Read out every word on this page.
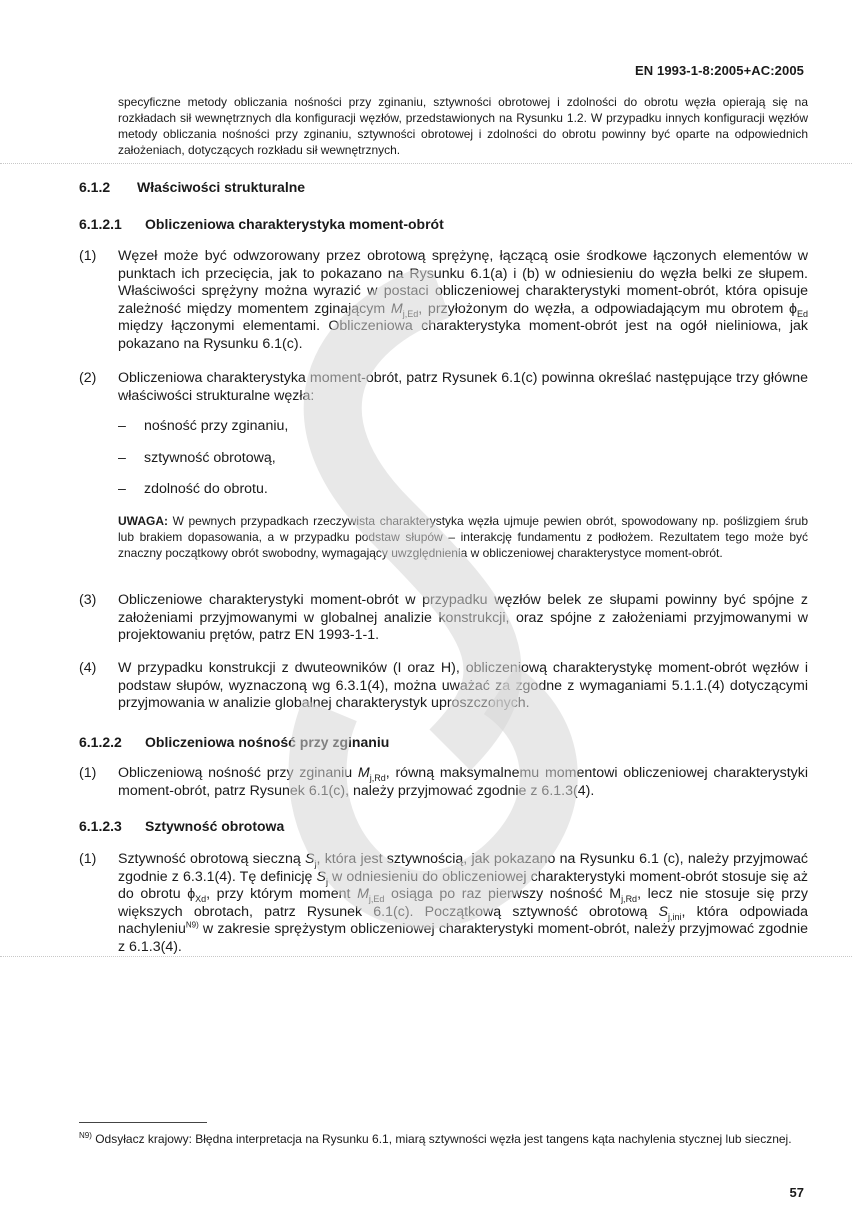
EN 1993-1-8:2005+AC:2005
specyficzne metody obliczania nośności przy zginaniu, sztywności obrotowej i zdolności do obrotu węzła opierają się na rozkładach sił wewnętrznych dla konfiguracji węzłów, przedstawionych na Rysunku 1.2. W przypadku innych konfiguracji węzłów metody obliczania nośności przy zginaniu, sztywności obrotowej i zdolności do obrotu powinny być oparte na odpowiednich założeniach, dotyczących rozkładu sił wewnętrznych.
6.1.2 Właściwości strukturalne
6.1.2.1 Obliczeniowa charakterystyka moment-obrót
(1) Węzeł może być odwzorowany przez obrotową sprężynę, łączącą osie środkowe łączonych elementów w punktach ich przecięcia, jak to pokazano na Rysunku 6.1(a) i (b) w odniesieniu do węzła belki ze słupem. Właściwości sprężyny można wyrazić w postaci obliczeniowej charakterystyki moment-obrót, która opisuje zależność między momentem zginającym $M_{j,Ed}$, przyłożonym do węzła, a odpowiadającym mu obrotem $\phi_{Ed}$ między łączonymi elementami. Obliczeniowa charakterystyka moment-obrót jest na ogół nieliniowa, jak pokazano na Rysunku 6.1(c).
(2) Obliczeniowa charakterystyka moment-obrót, patrz Rysunek 6.1(c) powinna określać następujące trzy główne właściwości strukturalne węzła:
– nośność przy zginaniu,
– sztywność obrotową,
– zdolność do obrotu.
UWAGA: W pewnych przypadkach rzeczywista charakterystyka węzła ujmuje pewien obrót, spowodowany np. poślizgiem śrub lub brakiem dopasowania, a w przypadku podstaw słupów – interakcję fundamentu z podłożem. Rezultatem tego może być znaczny początkowy obrót swobodny, wymagający uwzględnienia w obliczeniowej charakterystyce moment-obrót.
(3) Obliczeniowe charakterystyki moment-obrót w przypadku węzłów belek ze słupami powinny być spójne z założeniami przyjmowanymi w globalnej analizie konstrukcji, oraz spójne z założeniami przyjmowanymi w projektowaniu prętów, patrz EN 1993-1-1.
(4) W przypadku konstrukcji z dwuteowników (I oraz H), obliczeniową charakterystykę moment-obrót węzłów i podstaw słupów, wyznaczoną wg 6.3.1(4), można uważać za zgodne z wymaganiami 5.1.1.(4) dotyczącymi przyjmowania w analizie globalnej charakterystyk uproszczonych.
6.1.2.2 Obliczeniowa nośność przy zginaniu
(1) Obliczeniową nośność przy zginaniu $M_{j,Rd}$, równą maksymalnemu momentowi obliczeniowej charakterystyki moment-obrót, patrz Rysunek 6.1(c), należy przyjmować zgodnie z 6.1.3(4).
6.1.2.3 Sztywność obrotowa
(1) Sztywność obrotową sieczną $S_j$, która jest sztywnością, jak pokazano na Rysunku 6.1 (c), należy przyjmować zgodnie z 6.3.1(4). Tę definicję $S_j$ w odniesieniu do obliczeniowej charakterystyki moment-obrót stosuje się aż do obrotu $\phi_{Xd}$, przy którym moment $M_{j,Ed}$ osiąga po raz pierwszy nośność $M_{j,Rd}$, lecz nie stosuje się przy większych obrotach, patrz Rysunek 6.1(c). Początkową sztywność obrotową $S_{j,ini}$, która odpowiada nachyleniu$^{N9)}$ w zakresie sprężystym obliczeniowej charakterystyki moment-obrót, należy przyjmować zgodnie z 6.1.3(4).
$^{N9)}$ Odsyłacz krajowy: Błędna interpretacja na Rysunku 6.1, miarą sztywności węzła jest tangens kąta nachylenia stycznej lub siecznej.
57
